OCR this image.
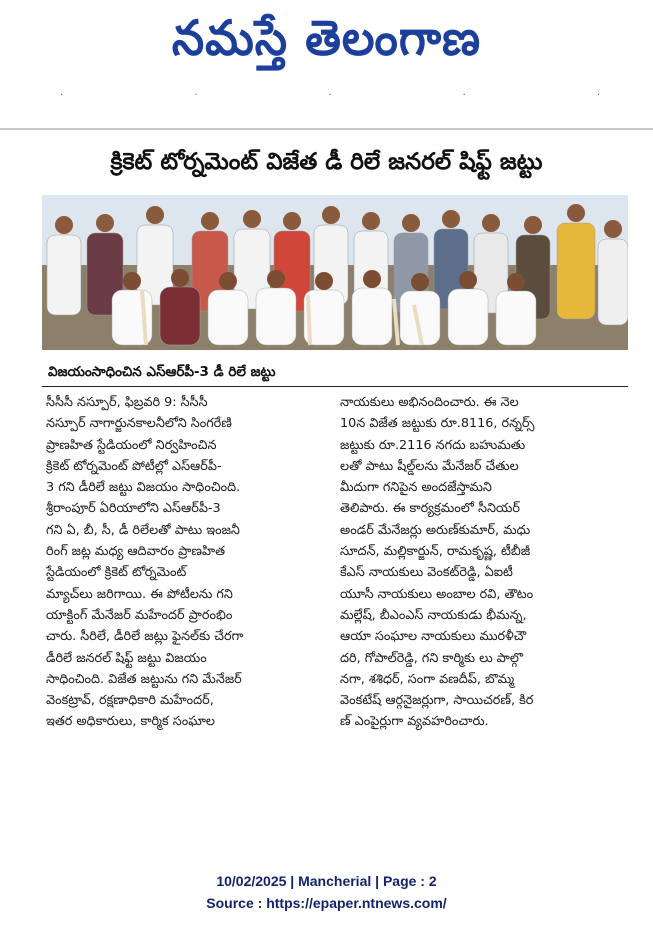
నమస్తే తెలంగాణ
·	·	·	·	·
క్రికెట్ టోర్నమెంట్ విజేత డీ రిలే జనరల్ షిఫ్ట్ జట్టు
విజయంసాధించిన ఎస్ఆర్‌పీ-3 డీ రిలే జట్టు

సీసీసీ నస్పూర్, ఫిబ్రవరి 9: సీసీసీ

నస్పూర్ నాగార్జునకాలనీలోని సింగరేణి

ప్రాణహిత స్టేడియంలో నిర్వహించిన

క్రికెట్ టోర్నమెంట్ పోటీల్లో ఎస్ఆర్‌పీ-

3 గని డీరిలే జట్టు విజయం సాధించింది.

శ్రీరాంపూర్ ఏరియాలోని ఎస్ఆర్‌పీ-3

గని ఏ, బీ, సీ, డీ రిలేలతో పాటు ఇంజనీ

రింగ్ జట్ల మధ్య ఆదివారం ప్రాణహిత

స్టేడియంలో క్రికెట్ టోర్నమెంట్

మ్యాచ్‌లు జరిగాయి. ఈ పోటీలను గని

యాక్టింగ్ మేనేజర్ మహేందర్ ప్రారంభిం

చారు. సీరిలే, డీరిలే జట్లు ఫైనల్‌కు చేరగా

డీరిలే జనరల్ షిఫ్ట్ జట్టు విజయం

సాధించింది. విజేత జట్టును గని మేనేజర్

వెంకట్రావ్, రక్షణాధికారి మహేందర్,

ఇతర అధికారులు, కార్మిక సంఘాల

నాయకులు అభినందించారు. ఈ నెల

10న విజేత జట్టుకు రూ.8116, రన్నర్స్

జట్టుకు రూ.2116 నగదు బహుమతు

లతో పాటు షీల్డ్‌లను మేనేజర్ చేతుల

మీదుగా గనిపైన అందజేస్తామని

తెలిపారు. ఈ కార్యక్రమంలో సీనియర్

అండర్ మేనేజర్లు అరుణ్‌కుమార్, మధు

సూదన్, మల్లికార్జున్, రామకృష్ణ, టీబీజీ

కేఎస్ నాయకులు వెంకట్‌రెడ్డి, ఏఐటీ

యూసీ నాయకులు అంబాల రవి, తౌటం

మల్లేష్, బీఎంఎస్ నాయకుడు భీమన్న,

ఆయా సంఘాల నాయకులు మురళీచౌ

దరి, గోపాల్‌రెడ్డి, గని కార్మికు లు పాల్గొ

నగా, శశిధర్, సంగా వణదీప్, బొమ్మ

వెంకటేష్ ఆర్గనైజర్లుగా, సాయిచరణ్, కిర

ణ్ ఎంపైర్లుగా వ్యవహరించారు.

10/02/2025 | Mancherial | Page : 2
Source : https://epaper.ntnews.com/
